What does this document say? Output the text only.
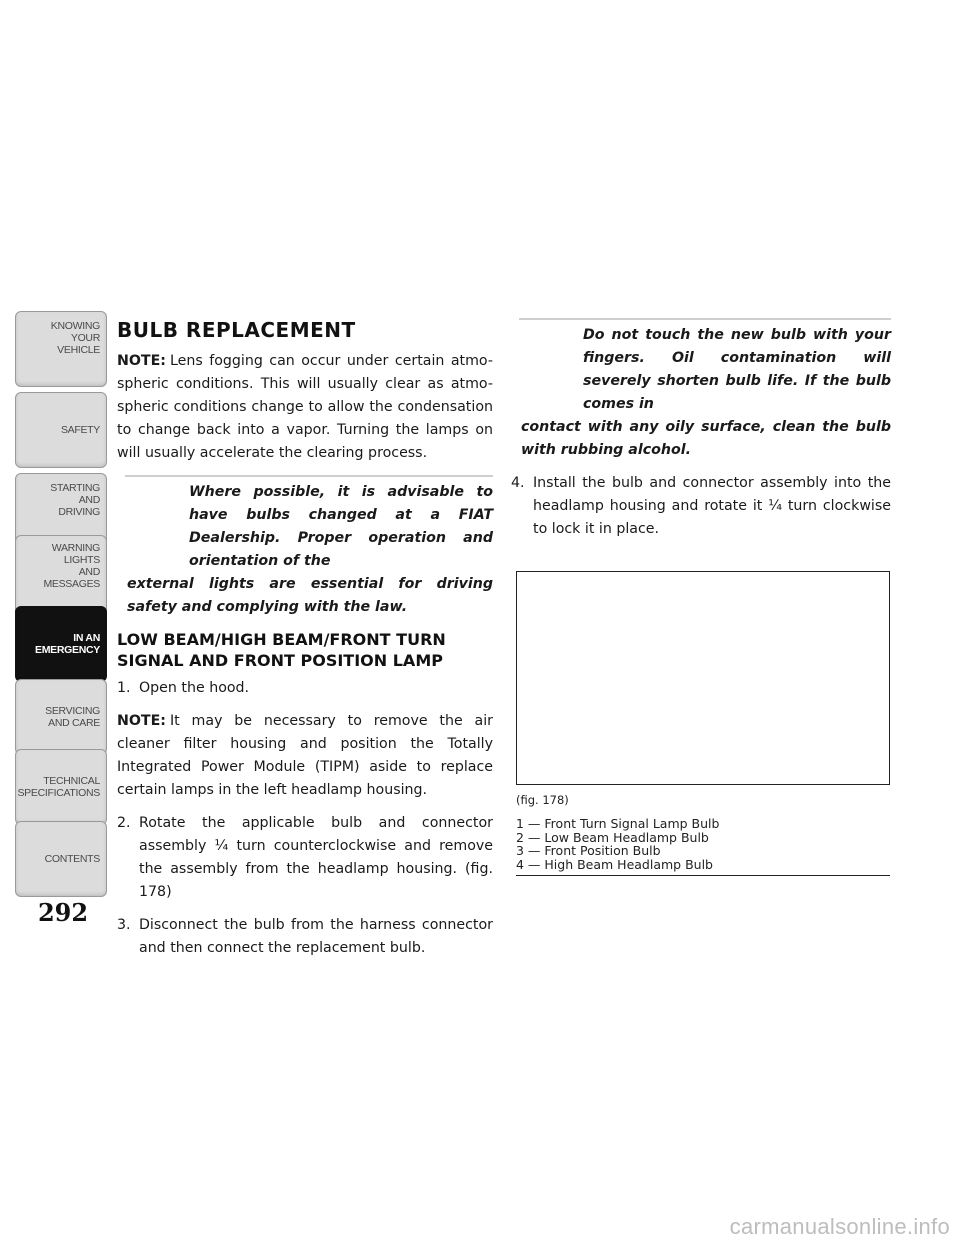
KNOWING
YOUR
VEHICLE
SAFETY
STARTING
AND
DRIVING
WARNING
LIGHTS
AND
MESSAGES
IN AN
EMERGENCY
SERVICING
AND CARE
TECHNICAL
SPECIFICATIONS
CONTENTS
292
BULB REPLACEMENT

NOTE: Lens fogging can occur under certain atmo-spheric conditions. This will usually clear as atmo-spheric conditions change to allow the condensation to change back into a vapor. Turning the lamps on will usually accelerate the clearing process.

Where possible, it is advisable to have bulbs changed at a FIAT Dealership. Proper operation and orientation of the
external lights are essential for driving safety and complying with the law.
LOW BEAM/HIGH BEAM/FRONT TURN SIGNAL AND FRONT POSITION LAMP
1. Open the hood.

NOTE: It may be necessary to remove the air cleaner filter housing and position the Totally Integrated Power Module (TIPM) aside to replace certain lamps in the left headlamp housing.

2. Rotate the applicable bulb and connector assembly ¼ turn counterclockwise and remove the assembly from the headlamp housing. (fig. 178)
3. Disconnect the bulb from the harness connector and then connect the replacement bulb.
Do not touch the new bulb with your fingers. Oil contamination will severely shorten bulb life. If the bulb comes in
contact with any oily surface, clean the bulb with rubbing alcohol.
4. Install the bulb and connector assembly into the headlamp housing and rotate it ¼ turn clockwise to lock it in place.
(fig. 178)
1 — Front Turn Signal Lamp Bulb
2 — Low Beam Headlamp Bulb
3 — Front Position Bulb
4 — High Beam Headlamp Bulb
carmanualsonline.info
